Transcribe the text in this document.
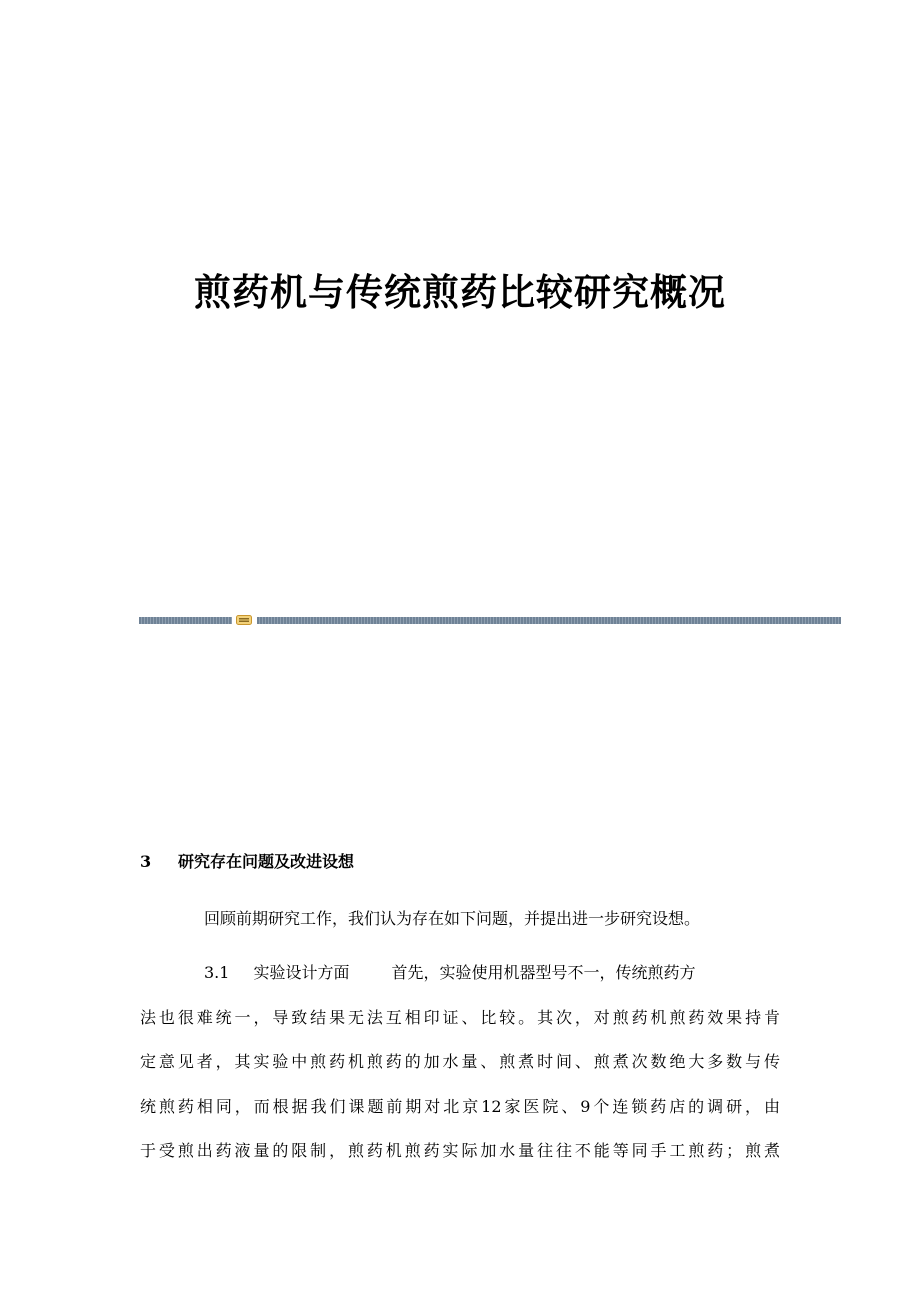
煎药机与传统煎药比较研究概况
3 研究存在问题及改进设想
回顾前期研究工作，我们认为存在如下问题，并提出进一步研究设想。
3.1 实验设计方面	首先，实验使用机器型号不一，传统煎药方
法也很难统一，导致结果无法互相印证、比较。其次，对煎药机煎药效果持肯
定意见者，其实验中煎药机煎药的加水量、煎煮时间、煎煮次数绝大多数与传
统煎药相同，而根据我们课题前期对北京12家医院、9个连锁药店的调研，由
于受煎出药液量的限制，煎药机煎药实际加水量往往不能等同手工煎药；煎煮
